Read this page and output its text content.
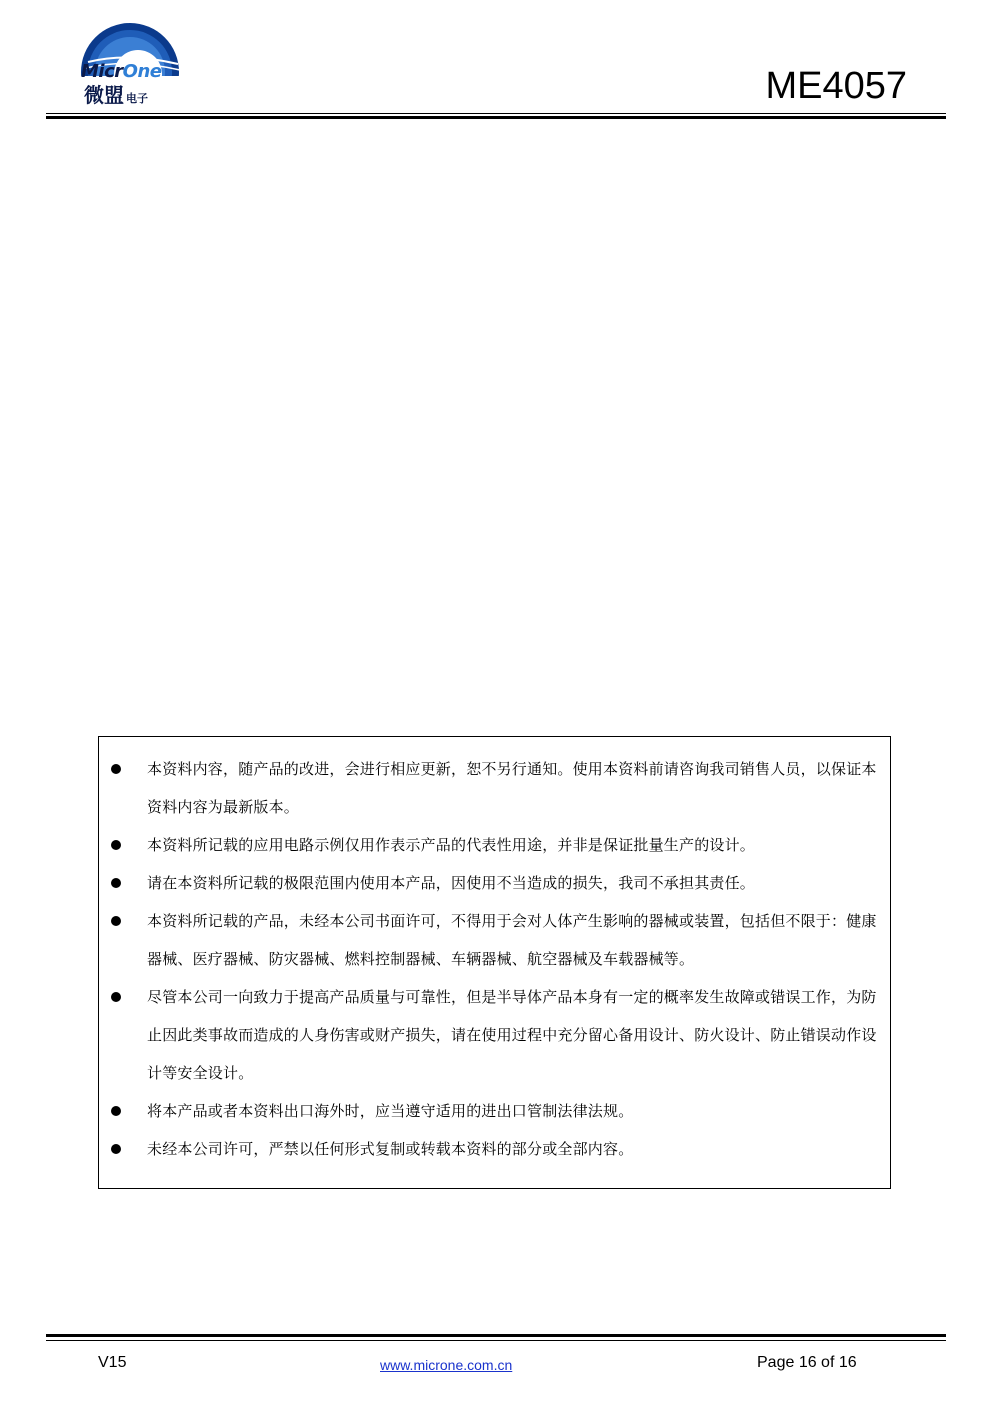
MicrOne
微盟 电子	ME4057
本资料内容，随产品的改进，会进行相应更新，恕不另行通知。使用本资料前请咨询我司销售人员，以保证本资料内容为最新版本。
本资料所记载的应用电路示例仅用作表示产品的代表性用途，并非是保证批量生产的设计。
请在本资料所记载的极限范围内使用本产品，因使用不当造成的损失，我司不承担其责任。
本资料所记载的产品，未经本公司书面许可，不得用于会对人体产生影响的器械或装置，包括但不限于：健康器械、医疗器械、防灾器械、燃料控制器械、车辆器械、航空器械及车载器械等。
尽管本公司一向致力于提高产品质量与可靠性，但是半导体产品本身有一定的概率发生故障或错误工作，为防止因此类事故而造成的人身伤害或财产损失，请在使用过程中充分留心备用设计、防火设计、防止错误动作设计等安全设计。
将本产品或者本资料出口海外时，应当遵守适用的进出口管制法律法规。
未经本公司许可，严禁以任何形式复制或转载本资料的部分或全部内容。
V15	www.microne.com.cn	Page 16 of 16
